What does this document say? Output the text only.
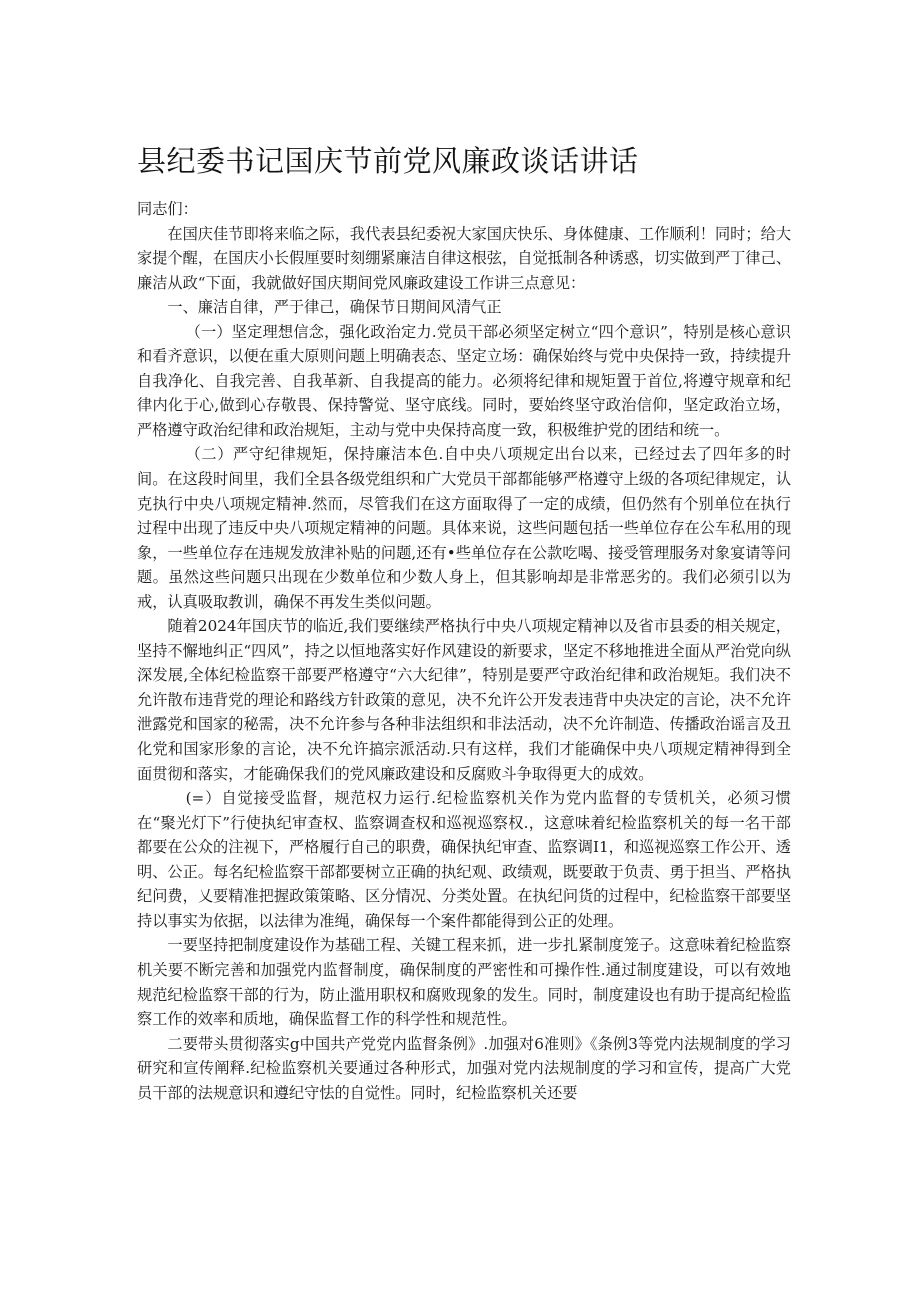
县纪委书记国庆节前党风廉政谈话讲话

同志们：

在国庆佳节即将来临之际，我代表县纪委祝大家国庆快乐、身体健康、工作顺利！同时；给大家提个醒，在国庆小长假厘要时刻绷紧廉洁自律这根弦，自觉抵制各种诱惑，切实做到严丁律己、廉洁从政“下面，我就做好国庆期间党风廉政建设工作讲三点意见：

一、廉洁自律，严于律己，确保节日期间风清气正

（一）坚定理想信念，强化政治定力.党员干部必须坚定树立“四个意识”，特别是核心意识和看齐意识，以便在重大原则问题上明确表态、坚定立场：确保始终与党中央保持一致，持续提升自我净化、自我完善、自我革新、自我提高的能力。必须将纪律和规矩置于首位,将遵守规章和纪律内化于心,做到心存敬畏、保持警觉、坚守底线。同时，要始终坚守政治信仰，坚定政治立场，严格遵守政治纪律和政治规矩，主动与党中央保持高度一致，积极维护党的团结和统一。

（二）严守纪律规矩，保持廉洁本色.自中央八项规定出台以来，已经过去了四年多的时间。在这段时间里，我们全县各级党组织和广大党员干部都能够严格遵守上级的各项纪律规定，认克执行中央八项规定精神.然而，尽管我们在这方面取得了一定的成绩，但仍然有个别单位在执行过程中出现了违反中央八项规定精神的问题。具体来说，这些问题包括一些单位存在公车私用的现象，一些单位存在违规发放津补贴的问题,还有•些单位存在公款吃喝、接受管理服务对象宴请等问题。虽然这些问题只出现在少数单位和少数人身上，但其影响却是非常恶劣的。我们必须引以为戒，认真吸取教训，确保不再发生类似问题。

随着2024年国庆节的临近,我们要继续严格执行中央八项规定精神以及省市县委的相关规定，坚持不懈地纠正“四风”，持之以恒地落实好作风建设的新要求，坚定不移地推进全面从严治党向纵深发展,全体纪检监察干部要严格遵守“六大纪律”，特别是要严守政治纪律和政治规矩。我们决不允许散布违背党的理论和路线方针政策的意见，决不允许公开发表违背中央决定的言论，决不允许泄露党和国家的秘需，决不允许参与各种非法组织和非法活动，决不允许制造、传播政治谣言及丑化党和国家形象的言论，决不允许搞宗派活动.只有这样，我们才能确保中央八项规定精神得到全面贯彻和落实，才能确保我们的党风廉政建设和反腐败斗争取得更大的成效。

(=）自觉接受监督，规范权力运行.纪检监察机关作为党内监督的专赁机关，必须习惯在“聚光灯下”行使执纪审查权、监察调查权和巡视巡察权.，这意味着纪检监察机关的每一名干部都要在公众的注视下，严格履行自己的职费，确保执纪审查、监察调I1，和巡视巡察工作公开、透明、公正。每名纪检监察干部都要树立正确的执纪观、政绩观，既要敢于负责、勇于担当、严格执纪问费，乂要精准把握政策策略、区分情况、分类处置。在执纪问货的过程中，纪检监察干部要坚持以事实为依据，以法律为准绳，确保每一个案件都能得到公正的处理。

一要坚持把制度建设作为基础工程、关键工程来抓，进一步扎紧制度笼子。这意味着纪检监察机关要不断完善和加强党内监督制度，确保制度的严密性和可操作性.通过制度建设，可以有效地规范纪检监察干部的行为，防止滥用职权和腐败现象的发生。同时，制度建设也有助于提高纪检监察工作的效率和质地，确保监督工作的科学性和规范性。

二要带头贯彻落实g中国共产党党内监督条例》.加强对6准则》《条例3等党内法规制度的学习研究和宣传阐释.纪检监察机关要通过各种形式，加强对党内法规制度的学习和宣传，提高广大党员干部的法规意识和遵纪守怯的自觉性。同时，纪检监察机关还要
